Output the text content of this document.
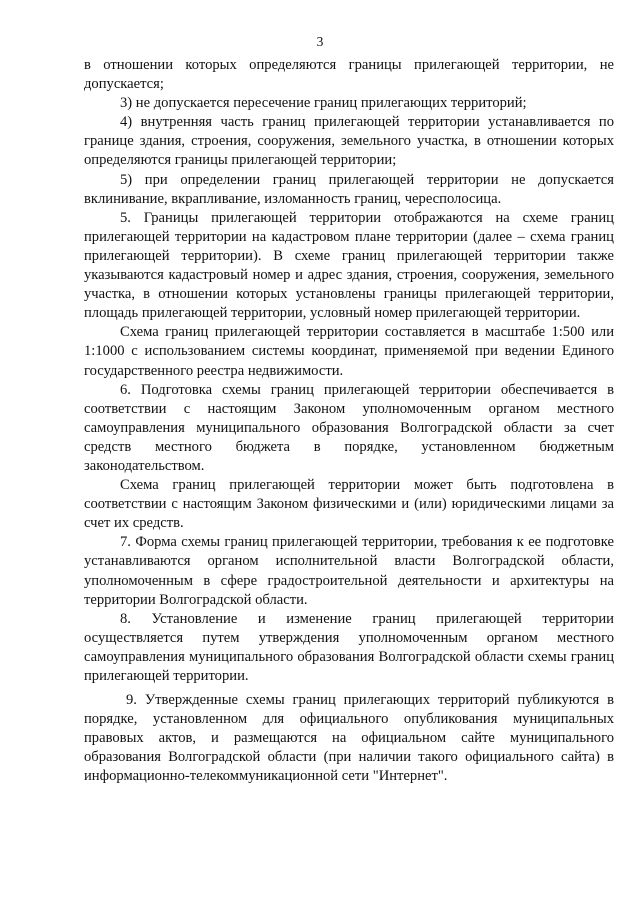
3

в отношении которых определяются границы прилегающей территории, не допускается;

3) не допускается пересечение границ прилегающих территорий;

4) внутренняя часть границ прилегающей территории устанавливается по границе здания, строения, сооружения, земельного участка, в отношении которых определяются границы прилегающей территории;

5) при определении границ прилегающей территории не допускается вклинивание, вкрапливание, изломанность границ, чересполосица.

5. Границы прилегающей территории отображаются на схеме границ прилегающей территории на кадастровом плане территории (далее – схема границ прилегающей территории). В схеме границ прилегающей территории также указываются кадастровый номер и адрес здания, строения, сооружения, земельного участка, в отношении которых установлены границы прилегающей территории, площадь прилегающей территории, условный номер прилегающей территории.

Схема границ прилегающей территории составляется в масштабе 1:500 или 1:1000 с использованием системы координат, применяемой при ведении Единого государственного реестра недвижимости.

6. Подготовка схемы границ прилегающей территории обеспечивается в соответствии с настоящим Законом уполномоченным органом местного самоуправления муниципального образования Волгоградской области за счет средств местного бюджета в порядке, установленном бюджетным законодательством.

Схема границ прилегающей территории может быть подготовлена в соответствии с настоящим Законом физическими и (или) юридическими лицами за счет их средств.

7. Форма схемы границ прилегающей территории, требования к ее подготовке устанавливаются органом исполнительной власти Волгоградской области, уполномоченным в сфере градостроительной деятельности и архитектуры на территории Волгоградской области.

8. Установление и изменение границ прилегающей территории осуществляется путем утверждения уполномоченным органом местного самоуправления муниципального образования Волгоградской области схемы границ прилегающей территории.

9. Утвержденные схемы границ прилегающих территорий публикуются в порядке, установленном для официального опубликования муниципальных правовых актов, и размещаются на официальном сайте муниципального образования Волгоградской области (при наличии такого официального сайта) в информационно-телекоммуникационной сети "Интернет".
